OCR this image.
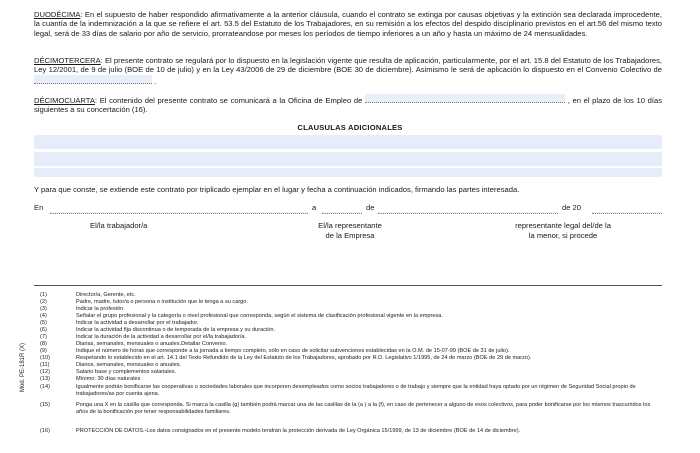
DUODÉCIMA: En el supuesto de haber respondido afirmativamente a la anterior cláusula, cuando el contrato se extinga por causas objetivas y la extinción sea declarada improcedente, la cuantía de la indemnización a la que se refiere el art. 53.5 del Estatuto de los Trabajadores, en su remisión a los efectos del despido disciplinario previstos en el art.56 del mismo texto legal, será de 33 días de salario por año de servicio, prorrateandose por meses los períodos de tiempo inferiores a un año y hasta un máximo de 24 mensualidades.

DÉCIMOTERCERA: El presente contrato se regulará por lo dispuesto en la legislación vigente que resulta de aplicación, particularmente, por el art. 15.8 del Estatuto de los Trabajadores, Ley 12/2001, de 9 de julio (BOE de 10 de julio) y en la Ley 43/2006 de 29 de diciembre (BOE 30 de diciembre). Asimismo le será de aplicación lo dispuesto en el Convenio Colectivo de  .

DÉCIMOCUARTA: El contenido del presente contrato se comunicará a la Oficina de Empleo de	, en el plazo de los 10 días siguientes a su concertación (16).

CLAUSULAS ADICIONALES

Y para que conste, se extiende este contrato por triplicado ejemplar en el lugar y fecha a continuación indicados, firmando las partes interesada.

En	a	de	de 20
El/la trabajador/a	El/la representante
de la Empresa
representante legal del/de la
la menor, si procede
Mod. PE-181R (X)
(1)	Director/a, Gerente, etc.
(2)	Padre, madre, tutor/a o persona o institución que le tenga a su cargo.
(3)	Indicar la profesión.
(4)	Señalar el grupo profesional y la categoría o nivel profesional que corresponda, según el sistema de clasificación profesional vigente en la empresa.
(5)	Indicar la actividad a desarrollar por el trabajador.
(6)	Indicar la actividad fija discontinua o de temporada de la empresa y su duración.
(7)	Indicar la duración de la actividad a desarrollar por el/la trabajador/a.
(8)	Diarias, semanales, mensuales o anuales.Detallar Convenio.
(9)	Indique el número de horas que corresponde a la jornada a tiempo completo, sólo en caso de solicitar subvenciones establecidas en la O.M. de 15-07-99 (BOE de 31 de julio).
(10)	Respetando lo establecido en el art. 14.1 del Texto Refundido de la Ley del Estatuto de los Trabajadores, aprobado por R.D. Legislativo 1/1995, de 24 de marzo (BOE de 29 de marzo).
(11)	Diarios, semanales, mensuales o anuales.
(12)	Salario base y complementos salariales.
(13)	Mínimo: 30 días naturales
(14)	Igualmente podrán bonificarse las cooperativas o sociedades laborales que incorporen desempleados como socios trabajadores o de trabajo y siempre que la entidad haya optado por un régimen de Seguridad Social propio de trabajadores/as por cuenta ajena.
(15)	Ponga una X en la casilla que corresponda. Si marca la casilla (g) también podrá marcar una de las casillas de la (a ) a la (f), en caso de pertenecer a alguno de esos colectivos, para poder bonificarse por los mismos trascurridos los años de la bonificación por tener responsabilidades familiares.
(16)	PROTECCIÓN DE DATOS.-Los datos consignados en el presente modelo tendrán la protección derivada de Ley Orgánica 15/1999, de 13 de diciembre (BOE de 14 de diciembre).
